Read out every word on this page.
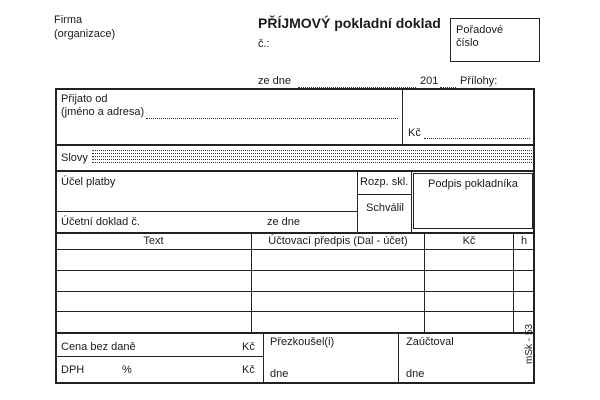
Firma
(organizace)
PŘÍJMOVÝ pokladní doklad
č.:
Pořadové
číslo
ze dne	201 Přílohy:
Přijato od
(jméno a adresa)
Kč
Slovy
Účel platby	Rozp. skl.
Schválil
Podpis pokladníka
Účetní doklad č.	ze dne
Text	Účtovací předpis (Dal - účet)	Kč	h
Cena bez daně	Kč
DPH	%	Kč
Přezkoušel(i)
dne
Zaúčtoval
dne
mSk - 53
